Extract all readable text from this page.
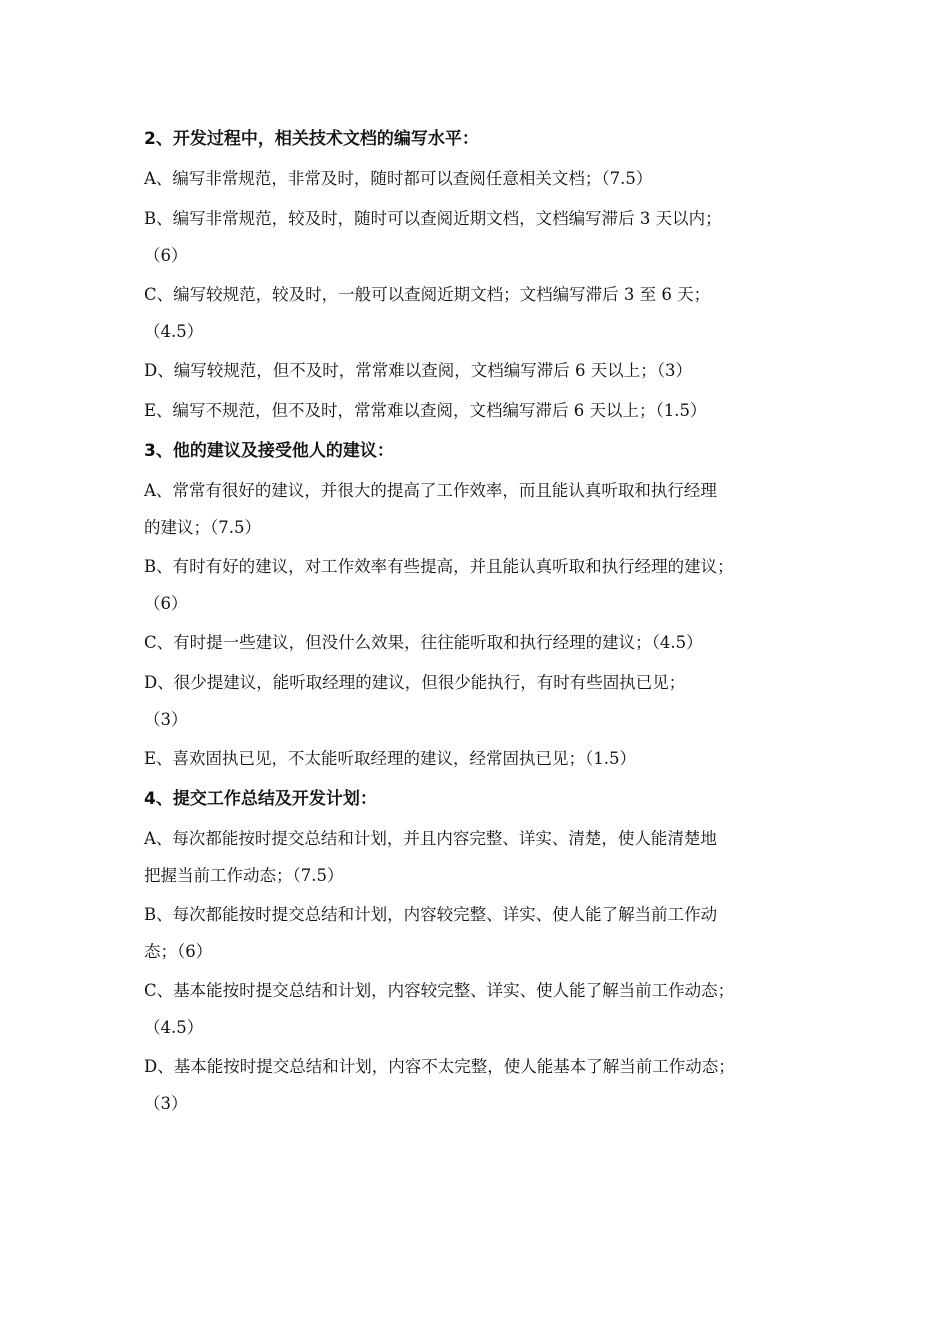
2、开发过程中，相关技术文档的编写水平：
A、编写非常规范，非常及时，随时都可以查阅任意相关文档；（7.5）
B、编写非常规范，较及时，随时可以查阅近期文档，文档编写滞后 3 天以内；
（6）
C、编写较规范，较及时，一般可以查阅近期文档；文档编写滞后 3 至 6 天；
（4.5）
D、编写较规范，但不及时，常常难以查阅，文档编写滞后 6 天以上；（3）
E、编写不规范，但不及时，常常难以查阅，文档编写滞后 6 天以上；（1.5）
3、他的建议及接受他人的建议：
A、常常有很好的建议，并很大的提高了工作效率，而且能认真听取和执行经理
的建议；（7.5）
B、有时有好的建议，对工作效率有些提高，并且能认真听取和执行经理的建议；
（6）
C、有时提一些建议，但没什么效果，往往能听取和执行经理的建议；（4.5）
D、很少提建议，能听取经理的建议，但很少能执行，有时有些固执已见；
（3）
E、喜欢固执已见，不太能听取经理的建议，经常固执已见；（1.5）
4、提交工作总结及开发计划：
A、每次都能按时提交总结和计划，并且内容完整、详实、清楚，使人能清楚地
把握当前工作动态；（7.5）
B、每次都能按时提交总结和计划，内容较完整、详实、使人能了解当前工作动
态；（6）
C、基本能按时提交总结和计划，内容较完整、详实、使人能了解当前工作动态；
（4.5）
D、基本能按时提交总结和计划，内容不太完整，使人能基本了解当前工作动态；
（3）
